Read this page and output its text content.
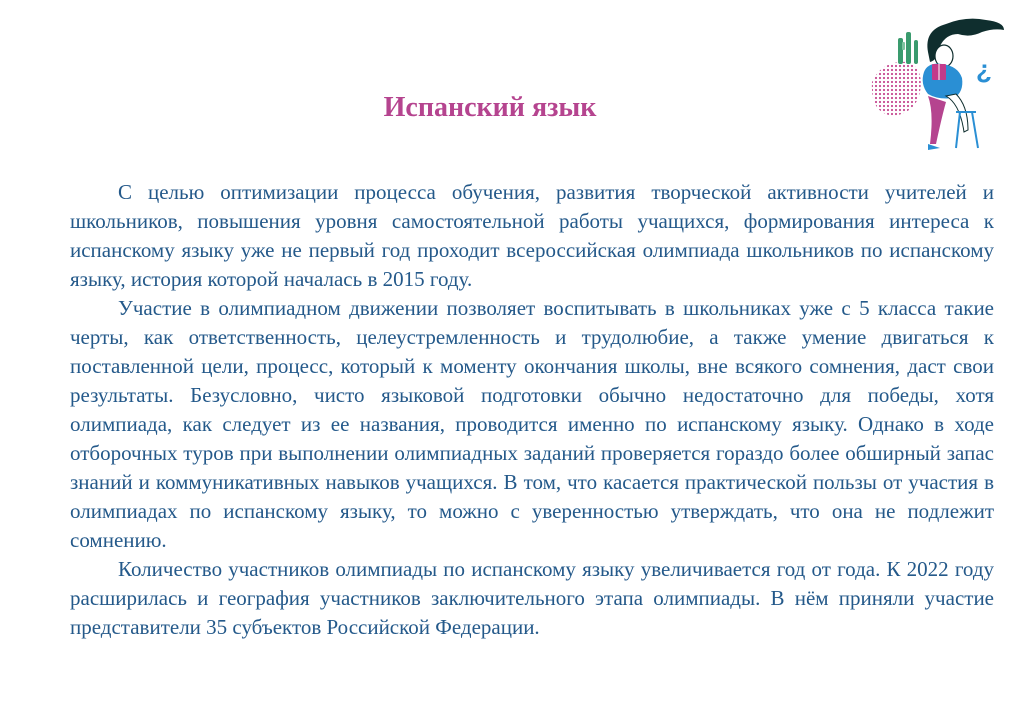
Испанский язык

С целью оптимизации процесса обучения, развития творческой активности учителей и школьников, повышения уровня самостоятельной работы учащихся, формирования интереса к испанскому языку уже не первый год проходит всероссийская олимпиада школьников по испанскому языку, история которой началась в 2015 году.

Участие в олимпиадном движении позволяет воспитывать в школьниках уже с 5 класса такие черты, как ответственность, целеустремленность и трудолюбие, а также умение двигаться к поставленной цели, процесс, который к моменту окончания школы, вне всякого сомнения, даст свои результаты. Безусловно, чисто языковой подготовки обычно недостаточно для победы, хотя олимпиада, как следует из ее названия, проводится именно по испанскому языку. Однако в ходе отборочных туров при выполнении олимпиадных заданий проверяется гораздо более обширный запас знаний и коммуникативных навыков учащихся. В том, что касается практической пользы от участия в олимпиадах по испанскому языку, то можно с уверенностью утверждать, что она не подлежит сомнению.

Количество участников олимпиады по испанскому языку увеличивается год от года. К 2022 году расширилась и география участников заключительного этапа олимпиады. В нём приняли участие представители 35 субъектов Российской Федерации.

¿
